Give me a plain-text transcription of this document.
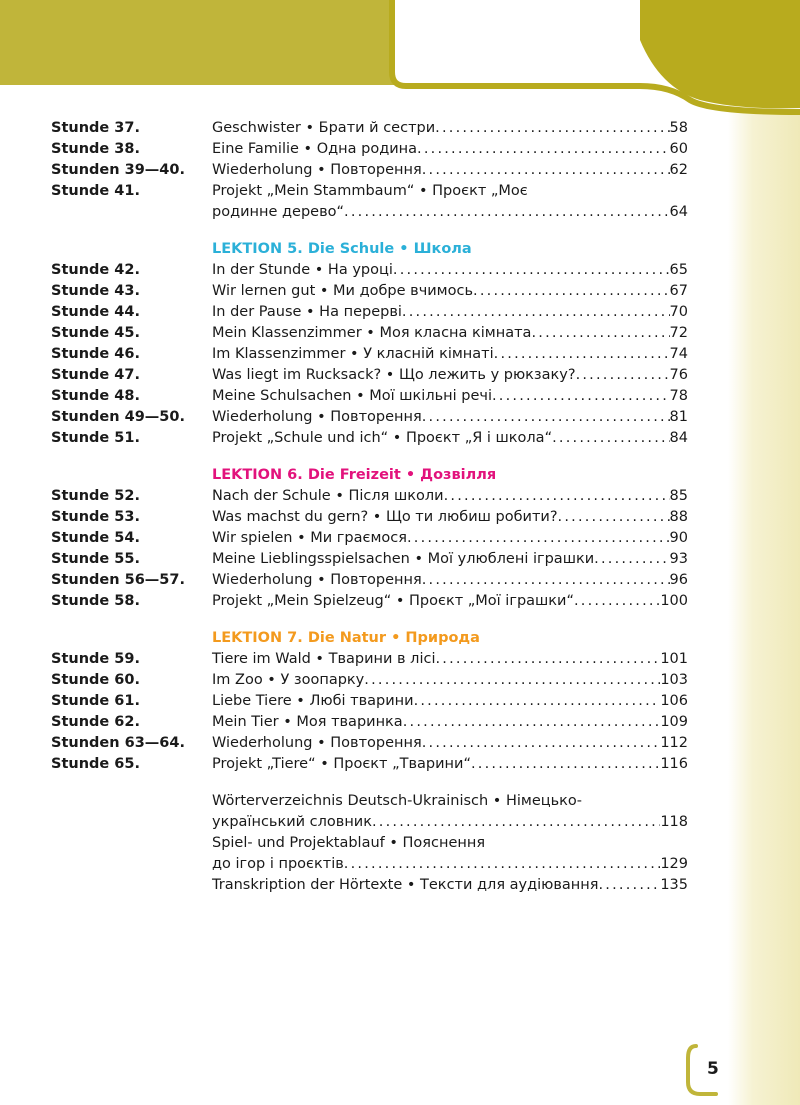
Stunde 37.	Geschwister • Брати й сестри .....	58
Stunde 38.	Eine Familie • Одна родина .....	60
Stunden 39—40.	Wiederholung • Повторення .....	62
Stunde 41.	Projekt „Mein Stammbaum“ • Проєкт „Моє
родинне дерево“ .....	64
LEKTION 5. Die Schule • Школа
Stunde 42.	In der Stunde • На уроці .....	65
Stunde 43.	Wir lernen gut • Ми добре вчимось .....	67
Stunde 44.	In der Pause • На перерві .....	70
Stunde 45.	Mein Klassenzimmer • Моя класна кімната .....	72
Stunde 46.	Im Klassenzimmer • У класній кімнаті .....	74
Stunde 47.	Was liegt im Rucksack? • Що лежить у рюкзаку? .....	76
Stunde 48.	Meine Schulsachen • Мої шкільні речі .....	78
Stunden 49—50.	Wiederholung • Повторення .....	81
Stunde 51.	Projekt „Schule und ich“ • Проєкт „Я і школа“ .....	84
LEKTION 6. Die Freizeit • Дозвілля
Stunde 52.	Nach der Schule • Після школи .....	85
Stunde 53.	Was machst du gern? • Що ти любиш робити? .....	88
Stunde 54.	Wir spielen • Ми граємося .....	90
Stunde 55.	Meine Lieblingsspielsachen • Мої улюблені іграшки .....	93
Stunden 56—57.	Wiederholung • Повторення .....	96
Stunde 58.	Projekt „Mein Spielzeug“ • Проєкт „Мої іграшки“ .....	100
LEKTION 7. Die Natur • Природа
Stunde 59.	Tiere im Wald • Тварини в лісі .....	101
Stunde 60.	Im Zoo • У зоопарку .....	103
Stunde 61.	Liebe Tiere • Любі тварини .....	106
Stunde 62.	Mein Tier • Моя тваринка .....	109
Stunden 63—64.	Wiederholung • Повторення .....	112
Stunde 65.	Projekt „Tiere“ • Проєкт „Тварини“ .....	116
Wörterverzeichnis Deutsch-Ukrainisch • Німецько-
український словник .....	118
Spiel- und Projektablauf • Пояснення
до ігор і проєктів .....	129
Transkription der Hörtexte • Тексти для аудіювання .....	135
5
